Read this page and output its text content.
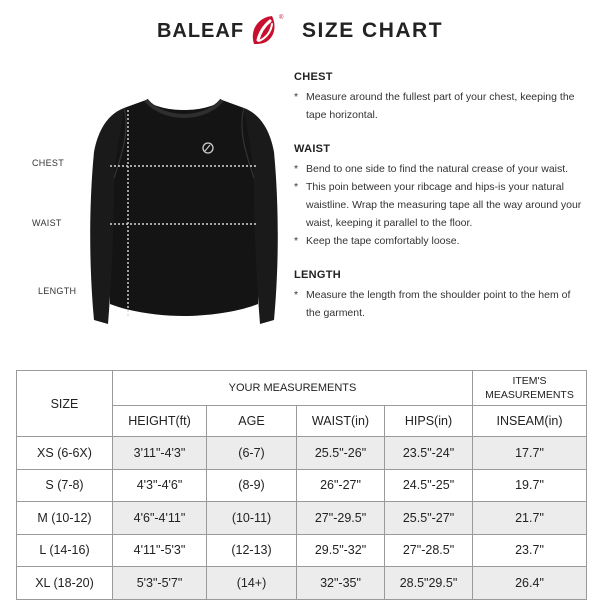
BALEAF
®
SIZE CHART
CHEST
WAIST
LENGTH
CHEST
* Measure around the fullest part of your chest, keeping the tape horizontal.
WAIST
* Bend to one side to find the natural crease of your waist.
* This poin between your ribcage and hips-is your natural waistline. Wrap the measuring tape all the way around your waist, keeping it parallel to the floor.
* Keep the tape comfortably loose.
LENGTH
* Measure the length from the shoulder point to the hem of the garment.
SIZE	YOUR MEASUREMENTS				ITEM'S MEASUREMENTS
	HEIGHT(ft)	AGE	WAIST(in)	HIPS(in)	INSEAM(in)
XS (6-6X)	3'11"-4'3"	(6-7)	25.5"-26"	23.5"-24"	17.7"
S (7-8)	4'3"-4'6"	(8-9)	26"-27"	24.5"-25"	19.7"
M (10-12)	4'6"-4'11"	(10-11)	27"-29.5"	25.5"-27"	21.7"
L (14-16)	4'11"-5'3"	(12-13)	29.5"-32"	27"-28.5"	23.7"
XL (18-20)	5'3"-5'7"	(14+)	32"-35"	28.5"29.5"	26.4"
